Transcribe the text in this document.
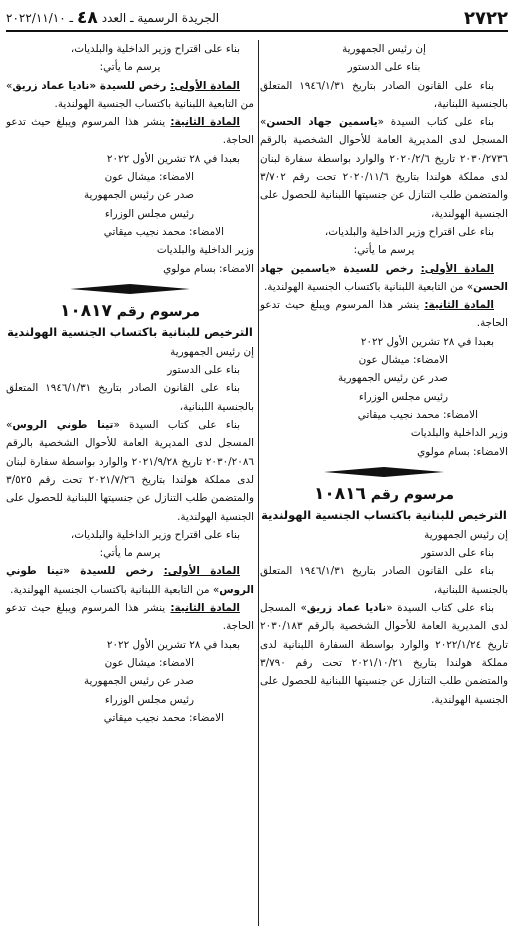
٢٧٢٢
الجريدة الرسمية ـ العدد
٤٨
ـ ٢٠٢٢/١١/١٠

إن رئيس الجمهورية

بناء على الدستور

بناء على القانون الصادر بتاريخ ١٩٤٦/١/٣١ المتعلق بالجنسية اللبنانية،

بناء على كتاب السيدة «ياسمين جهاد الحسن» المسجل لدى المديرية العامة للأحوال الشخصية بالرقم ٢٠٣٠/٢٧٣٦ تاريخ ٢٠٢٠/٢/٦ والوارد بواسطة سفارة لبنان لدى مملكة هولندا بتاريخ ٢٠٢٠/١١/٦ تحت رقم ٣/٧٠٢ والمتضمن طلب التنازل عن جنسيتها اللبنانية للحصول على الجنسية الهولندية،

بناء على اقتراح وزير الداخلية والبلديات،

يرسم ما يأتي:

المادة الأولى: رخص للسيدة «ياسمين جهاد الحسن» من التابعية اللبنانية باكتساب الجنسية الهولندية.

المادة الثانية: ينشر هذا المرسوم ويبلغ حيث تدعو الحاجة.

بعبدا في ٢٨ تشرين الأول ٢٠٢٢

الامضاء: ميشال عون

صدر عن رئيس الجمهورية

رئيس مجلس الوزراء

الامضاء: محمد نجيب ميقاتي

وزير الداخلية والبلديات

الامضاء: بسام مولوي

مرسوم رقم ١٠٨١٦

الترخيص للبنانية باكتساب الجنسية الهولندية

إن رئيس الجمهورية

بناء على الدستور

بناء على القانون الصادر بتاريخ ١٩٤٦/١/٣١ المتعلق بالجنسية اللبنانية،

بناء على كتاب السيدة «ناديا عماد زريق» المسجل لدى المديرية العامة للأحوال الشخصية بالرقم ٢٠٣٠/١٨٣ تاريخ ٢٠٢٢/١/٢٤ والوارد بواسطة السفارة اللبنانية لدى مملكة هولندا بتاريخ ٢٠٢١/١٠/٢١ تحت رقم ٣/٧٩٠ والمتضمن طلب التنازل عن جنسيتها اللبنانية للحصول على الجنسية الهولندية.

بناء على اقتراح وزير الداخلية والبلديات،

يرسم ما يأتي:

المادة الأولى: رخص للسيدة «ناديا عماد زريق» من التابعية اللبنانية باكتساب الجنسية الهولندية.

المادة الثانية: ينشر هذا المرسوم ويبلغ حيث تدعو الحاجة.

بعبدا في ٢٨ تشرين الأول ٢٠٢٢

الامضاء: ميشال عون

صدر عن رئيس الجمهورية

رئيس مجلس الوزراء

الامضاء: محمد نجيب ميقاتي

وزير الداخلية والبلديات

الامضاء: بسام مولوي

مرسوم رقم ١٠٨١٧

الترخيص للبنانية باكتساب الجنسية الهولندية

إن رئيس الجمهورية

بناء على الدستور

بناء على القانون الصادر بتاريخ ١٩٤٦/١/٣١ المتعلق بالجنسية اللبنانية،

بناء على كتاب السيدة «تينا طوني الروس» المسجل لدى المديرية العامة للأحوال الشخصية بالرقم ٢٠٣٠/٢٠٨٦ تاريخ ٢٠٢١/٩/٢٨ والوارد بواسطة سفارة لبنان لدى مملكة هولندا بتاريخ ٢٠٢١/٧/٢٦ تحت رقم ٣/٥٢٥ والمتضمن طلب التنازل عن جنسيتها اللبنانية للحصول على الجنسية الهولندية.

بناء على اقتراح وزير الداخلية والبلديات،

يرسم ما يأتي:

المادة الأولى: رخص للسيدة «تينا طوني الروس» من التابعية اللبنانية باكتساب الجنسية الهولندية.

المادة الثانية: ينشر هذا المرسوم ويبلغ حيث تدعو الحاجة.

بعبدا في ٢٨ تشرين الأول ٢٠٢٢

الامضاء: ميشال عون

صدر عن رئيس الجمهورية

رئيس مجلس الوزراء

الامضاء: محمد نجيب ميقاتي
